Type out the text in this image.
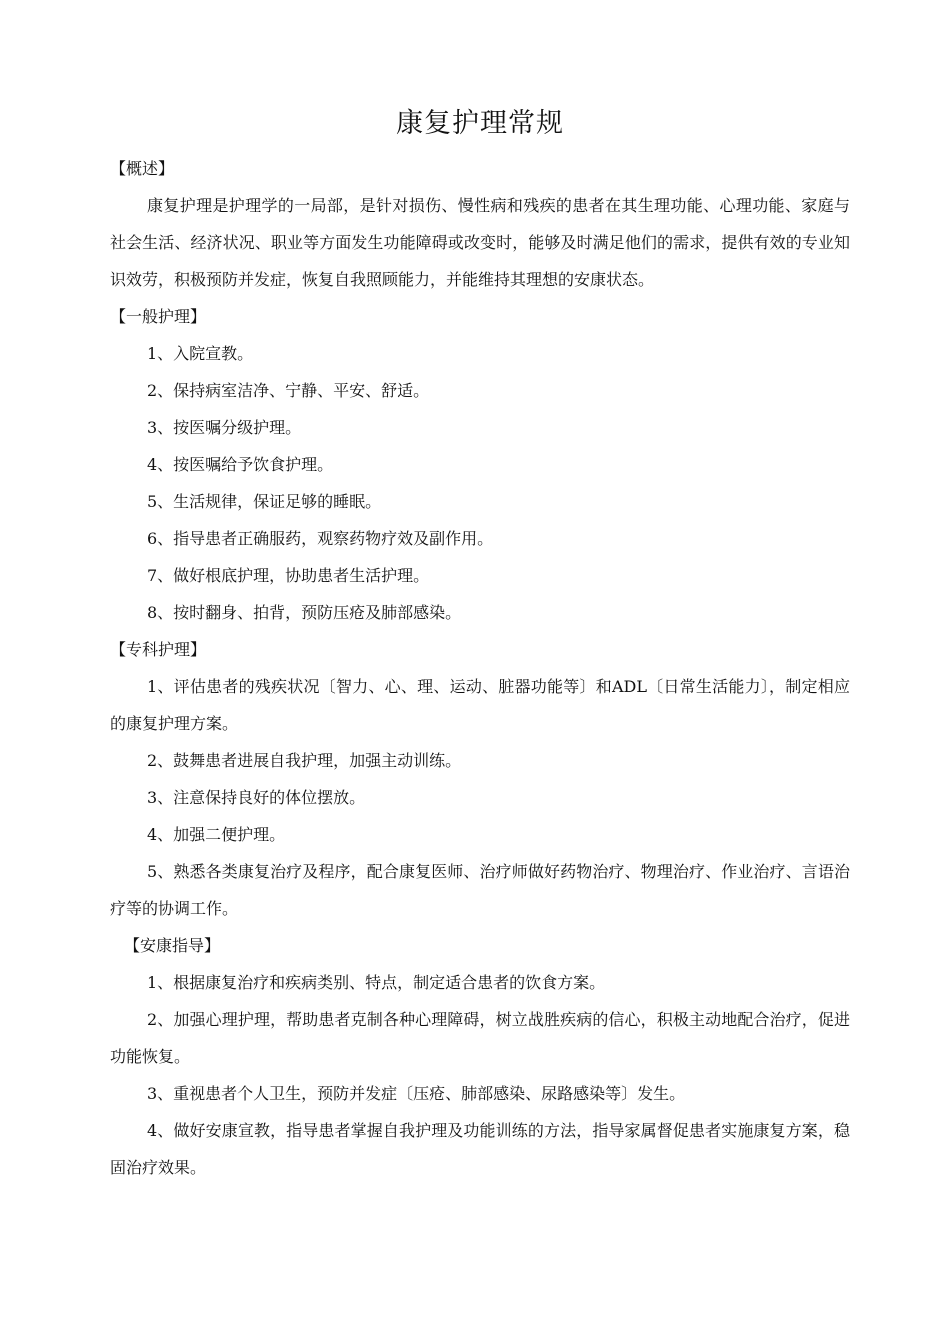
康复护理常规

【概述】

康复护理是护理学的一局部，是针对损伤、慢性病和残疾的患者在其生理功能、心理功能、家庭与社会生活、经济状况、职业等方面发生功能障碍或改变时，能够及时满足他们的需求，提供有效的专业知识效劳，积极预防并发症，恢复自我照顾能力，并能维持其理想的安康状态。

【一般护理】

1、入院宣教。

2、保持病室洁净、宁静、平安、舒适。

3、按医嘱分级护理。

4、按医嘱给予饮食护理。

5、生活规律，保证足够的睡眠。

6、指导患者正确服药，观察药物疗效及副作用。

7、做好根底护理，协助患者生活护理。

8、按时翻身、拍背，预防压疮及肺部感染。

【专科护理】

1、评估患者的残疾状况〔智力、心、理、运动、脏器功能等〕和ADL〔日常生活能力〕，制定相应的康复护理方案。

2、鼓舞患者进展自我护理，加强主动训练。

3、注意保持良好的体位摆放。

4、加强二便护理。

5、熟悉各类康复治疗及程序，配合康复医师、治疗师做好药物治疗、物理治疗、作业治疗、言语治疗等的协调工作。

【安康指导】

1、根据康复治疗和疾病类别、特点，制定适合患者的饮食方案。

2、加强心理护理，帮助患者克制各种心理障碍，树立战胜疾病的信心，积极主动地配合治疗，促进功能恢复。

3、重视患者个人卫生，预防并发症〔压疮、肺部感染、尿路感染等〕发生。

4、做好安康宣教，指导患者掌握自我护理及功能训练的方法，指导家属督促患者实施康复方案，稳固治疗效果。
